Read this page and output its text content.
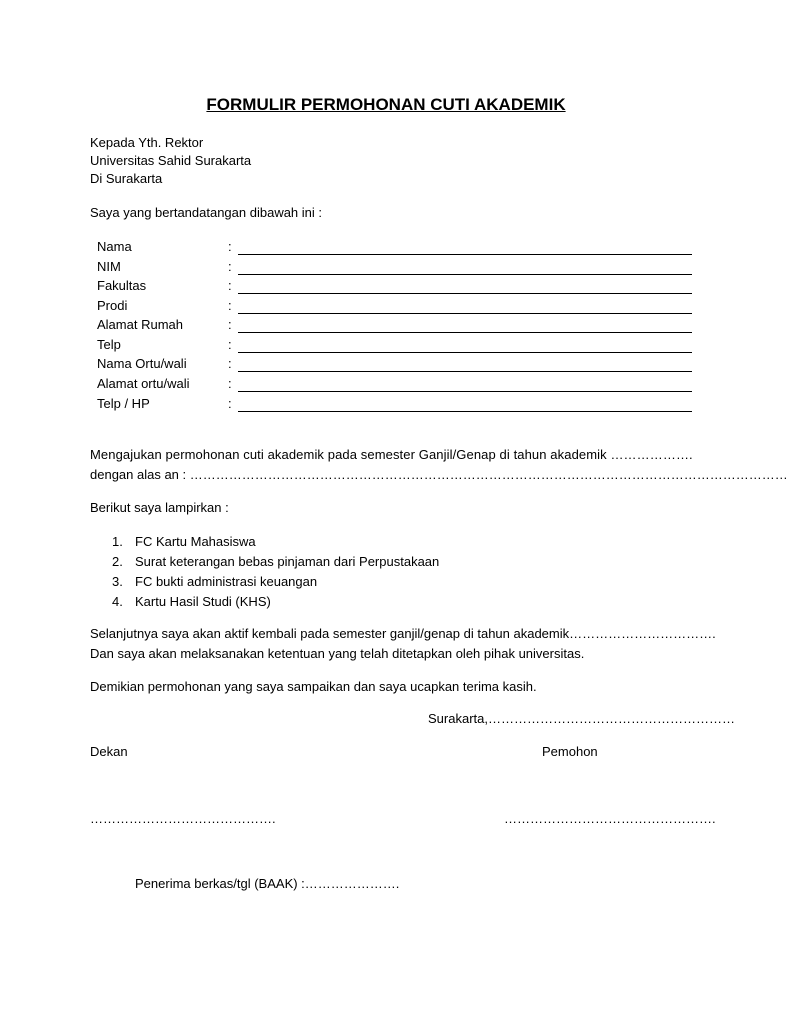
FORMULIR PERMOHONAN CUTI AKADEMIK
Kepada Yth. Rektor
Universitas Sahid Surakarta
Di Surakarta
Saya yang bertandatangan dibawah ini :
Nama	:
NIM	:
Fakultas	:
Prodi	:
Alamat Rumah	:
Telp	:
Nama Ortu/wali	:
Alamat ortu/wali	:
Telp / HP	:
Mengajukan permohonan cuti akademik pada semester Ganjil/Genap di tahun akademik ……………….
dengan alas an : …………………………………………………………………………………………………………………………
Berikut saya lampirkan :
1. FC Kartu Mahasiswa
2. Surat keterangan bebas pinjaman dari Perpustakaan
3. FC bukti administrasi keuangan
4. Kartu Hasil Studi (KHS)
Selanjutnya saya akan aktif kembali pada semester ganjil/genap di tahun akademik…………………………….
Dan saya akan melaksanakan ketentuan yang telah ditetapkan oleh pihak universitas.
Demikian permohonan yang saya sampaikan dan saya ucapkan terima kasih.
Surakarta,…………………………………………………
Dekan	Pemohon
…………………………………….	………………………………………….
Penerima berkas/tgl (BAAK) :………………….
